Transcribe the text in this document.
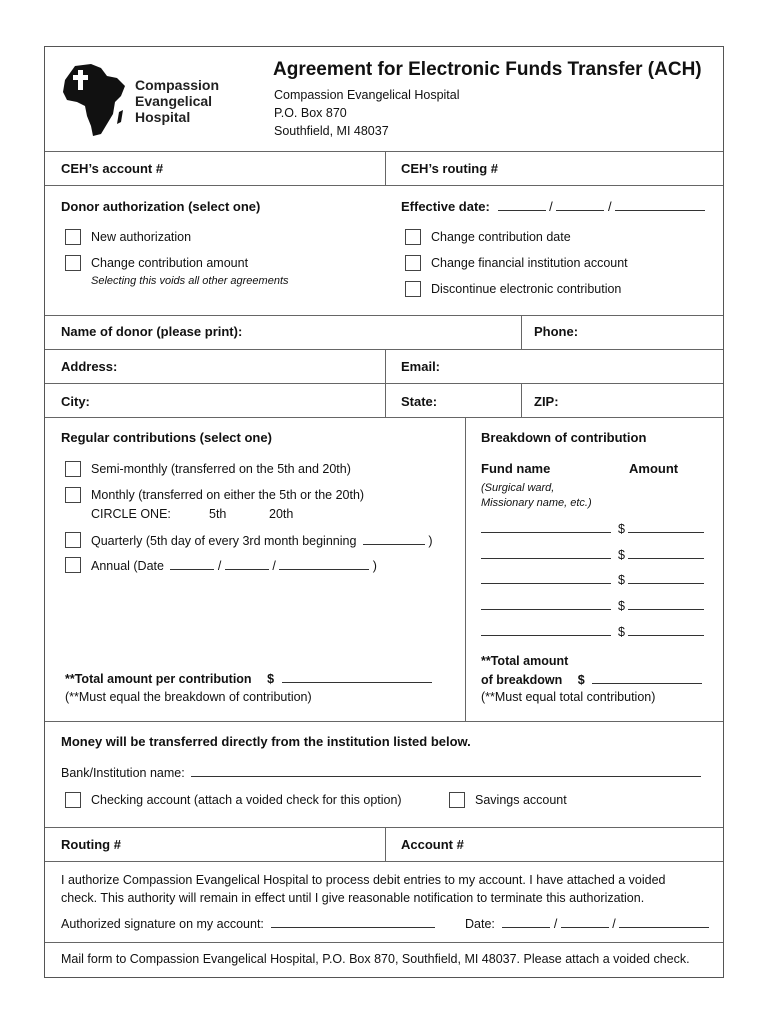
Compassion
Evangelical
Hospital
Agreement for Electronic Funds Transfer (ACH)
Compassion Evangelical Hospital
P.O. Box 870
Southfield, MI 48037
CEH’s account #	CEH’s routing #
Donor authorization (select one)	Effective date:	/	/
New authorization
Change contribution amount
Selecting this voids all other agreements
Change contribution date
Change financial institution account
Discontinue electronic contribution
Name of donor (please print):	Phone:
Address:	Email:
City:	State:	ZIP:
Regular contributions (select one)
Semi-monthly (transferred on the 5th and 20th)
Monthly (transferred on either the 5th or the 20th)
CIRCLE ONE:	5th	20th
Quarterly (5th day of every 3rd month beginning	)
Annual (Date	/	/	)
**Total amount per contribution $
(**Must equal the breakdown of contribution)
Breakdown of contribution
Fund name	Amount
(Surgical ward,
Missionary name, etc.)
$
$
$
$
$
**Total amount
of breakdown $
(**Must equal total contribution)
Money will be transferred directly from the institution listed below.
Bank/Institution name:
Checking account (attach a voided check for this option)	Savings account
Routing #	Account #
I authorize Compassion Evangelical Hospital to process debit entries to my account. I have attached a voided
check. This authority will remain in effect until I give reasonable notification to terminate this authorization.
Authorized signature on my account:	Date:	/	/
Mail form to Compassion Evangelical Hospital, P.O. Box 870, Southfield, MI 48037. Please attach a voided check.
